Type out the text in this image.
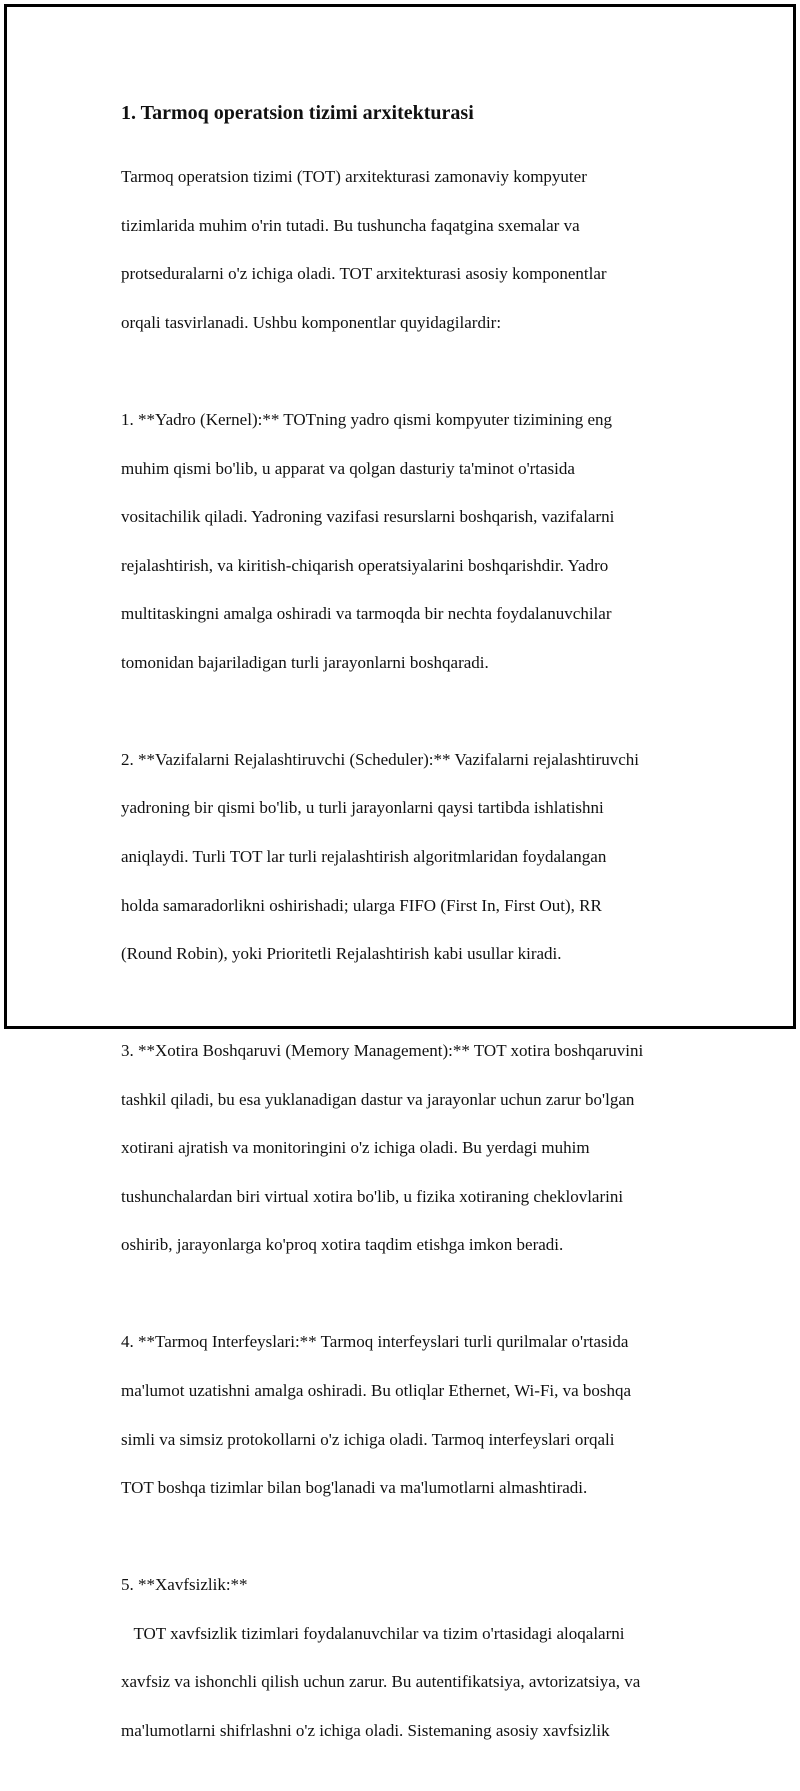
1. Tarmoq operatsion tizimi arxitekturasi

Tarmoq operatsion tizimi (TOT) arxitekturasi zamonaviy kompyuter

tizimlarida muhim o'rin tutadi. Bu tushuncha faqatgina sxemalar va

protseduralarni o'z ichiga oladi. TOT arxitekturasi asosiy komponentlar

orqali tasvirlanadi. Ushbu komponentlar quyidagilardir:

1. **Yadro (Kernel):** TOTning yadro qismi kompyuter tizimining eng

muhim qismi bo'lib, u apparat va qolgan dasturiy ta'minot o'rtasida

vositachilik qiladi. Yadroning vazifasi resurslarni boshqarish, vazifalarni

rejalashtirish, va kiritish-chiqarish operatsiyalarini boshqarishdir. Yadro

multitaskingni amalga oshiradi va tarmoqda bir nechta foydalanuvchilar

tomonidan bajariladigan turli jarayonlarni boshqaradi.

2. **Vazifalarni Rejalashtiruvchi (Scheduler):** Vazifalarni rejalashtiruvchi

yadroning bir qismi bo'lib, u turli jarayonlarni qaysi tartibda ishlatishni

aniqlaydi. Turli TOT lar turli rejalashtirish algoritmlaridan foydalangan

holda samaradorlikni oshirishadi; ularga FIFO (First In, First Out), RR

(Round Robin), yoki Prioritetli Rejalashtirish kabi usullar kiradi.

3. **Xotira Boshqaruvi (Memory Management):** TOT xotira boshqaruvini

tashkil qiladi, bu esa yuklanadigan dastur va jarayonlar uchun zarur bo'lgan

xotirani ajratish va monitoringini o'z ichiga oladi. Bu yerdagi muhim

tushunchalardan biri virtual xotira bo'lib, u fizika xotiraning cheklovlarini

oshirib, jarayonlarga ko'proq xotira taqdim etishga imkon beradi.

4. **Tarmoq Interfeyslari:** Tarmoq interfeyslari turli qurilmalar o'rtasida

ma'lumot uzatishni amalga oshiradi. Bu otliqlar Ethernet, Wi-Fi, va boshqa

simli va simsiz protokollarni o'z ichiga oladi. Tarmoq interfeyslari orqali

TOT boshqa tizimlar bilan bog'lanadi va ma'lumotlarni almashtiradi.

5. **Xavfsizlik:**

TOT xavfsizlik tizimlari foydalanuvchilar va tizim o'rtasidagi aloqalarni

xavfsiz va ishonchli qilish uchun zarur. Bu autentifikatsiya, avtorizatsiya, va

ma'lumotlarni shifrlashni o'z ichiga oladi. Sistemaning asosiy xavfsizlik
